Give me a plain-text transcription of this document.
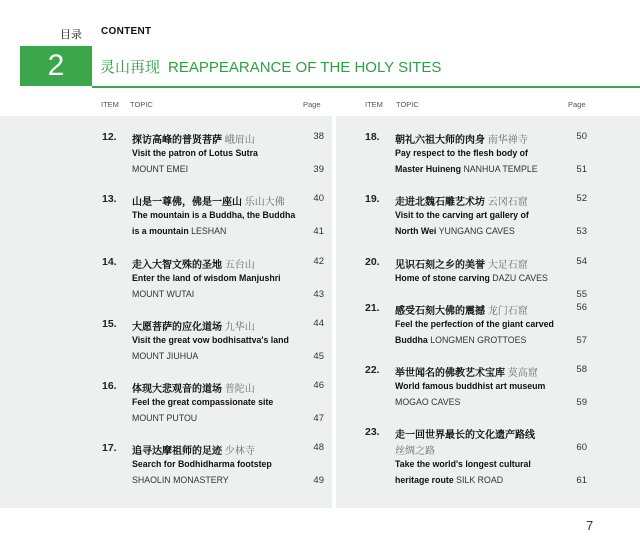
目录 CONTENT
2	灵山再现 REAPPEARANCE OF THE HOLY SITES
ITEM TOPIC	Page	ITEM TOPIC	Page
12. 探访高峰的普贤菩萨 峨眉山
Visit the patron of Lotus Sutra
MOUNT EMEI
38
39
13. 山是一尊佛，佛是一座山 乐山大佛
The mountain is a Buddha, the Buddha
is a mountain LESHAN
40
41
14. 走入大智文殊的圣地 五台山
Enter the land of wisdom Manjushri
MOUNT WUTAI
42
43
15. 大愿菩萨的应化道场 九华山
Visit the great vow bodhisattva's land
MOUNT JIUHUA
44
45
16. 体现大悲观音的道场 普陀山
Feel the great compassionate site
MOUNT PUTOU
46
47
17. 追寻达摩祖师的足迹 少林寺
Search for Bodhidharma footstep
SHAOLIN MONASTERY
48
49
18. 朝礼六祖大师的肉身 南华禅寺
Pay respect to the flesh body of
Master Huineng NANHUA TEMPLE
50
51
19. 走进北魏石雕艺术坊 云冈石窟
Visit to the carving art gallery of
North Wei YUNGANG CAVES
52
53
20. 见识石刻之乡的美誉 大足石窟
Home of stone carving DAZU CAVES
54
55
21. 感受石刻大佛的震撼 龙门石窟
Feel the perfection of the giant carved
Buddha LONGMEN GROTTOES
56
57
22. 举世闻名的佛教艺术宝库 莫高窟
World famous buddhist art museum
MOGAO CAVES
58
59
23. 走一回世界最长的文化遗产路线
丝绸之路
Take the world's longest cultural
heritage route SILK ROAD
60
61
7
